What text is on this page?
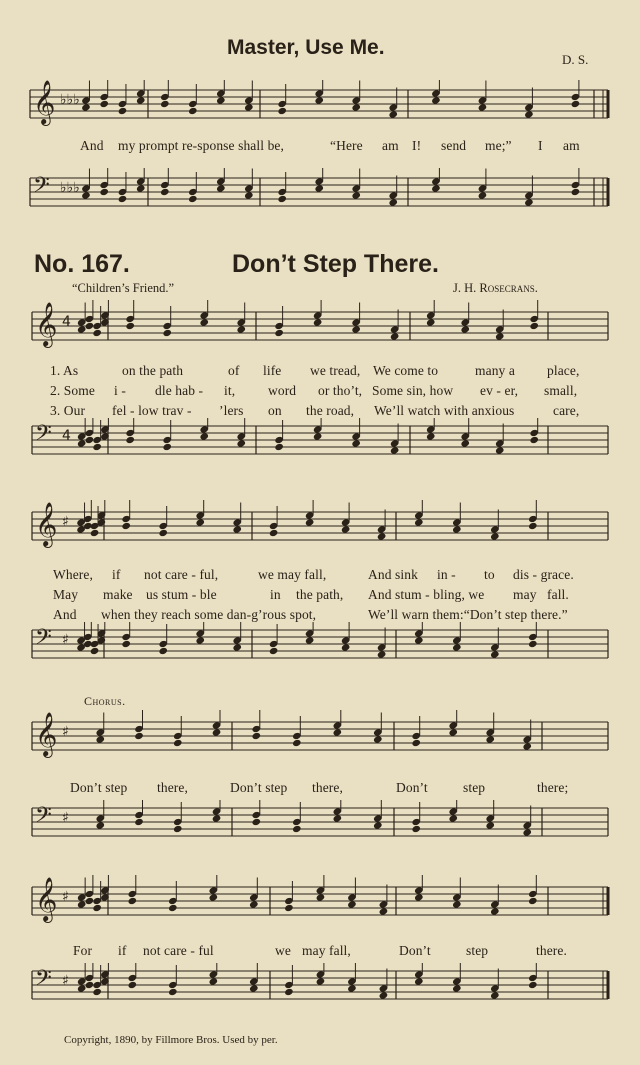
Master, Use Me.
D. S.
𝄞 ♭♭♭
And my prompt re-sponse shall be,	“Here am I! send me;” I am
𝄢 ♭♭♭
No. 167.	Don’t Step There.
“Children’s Friend.”	J. H. Rosecrans.
𝄞 4
1. As	on the path	of life we tread, We come to	many a place,
2. Some i - dle hab - it, word or tho’t, Some sin, how ev - er, small,
3. Our fel - low trav - ’lers on the road, We’ll watch with anxious	care,
𝄢 4
𝄞 ♯
Where, if not care - ful,	we may fall,	And sink in - to dis - grace.
May make us stum - ble	in the path, And stum - bling, we may fall.
And when they reach some dan-g’rous spot,	We’ll warn them:“Don’t step there.”
𝄢 ♯
Chorus.
𝄞 ♯
Don’t step there,	Don’t step there,	Don’t	step	there;
𝄢 ♯
𝄞 ♯
For if not care - ful	we may fall,	Don’t	step	there.
𝄢 ♯
Copyright, 1890, by Fillmore Bros. Used by per.
